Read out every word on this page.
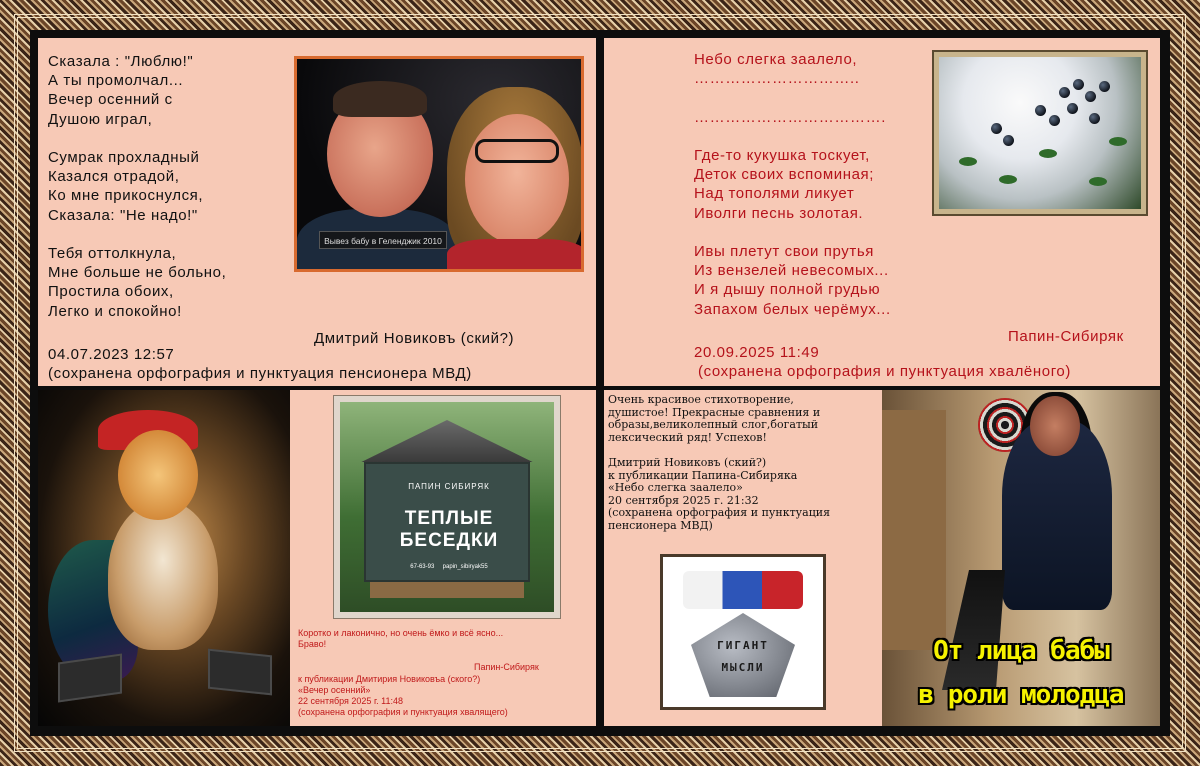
Сказала : "Люблю!"
А ты промолчал...
Вечер осенний с
Душою играл,

Сумрак прохладный
Казался отрадой,
Ко мне прикоснулся,
Сказала: "Не надо!"

Тебя оттолкнула,
Мне больше не больно,
Простила обоих,
Легко и спокойно!
Дмитрий Новиковъ (ский?)
04.07.2023 12:57
(сохранена орфография и пунктуация пенсионера МВД)
Вывез бабу в Геленджик 2010
Небо слегка заалело,
…………………………..

……………………………….

Где-то кукушка тоскует,
Деток своих вспоминая;
Над тополями ликует
Иволги песнь золотая.

Ивы плетут свои прутья
Из вензелей невесомых...
И я дышу полной грудью
Запахом белых черёмух...
Папин-Сибиряк
20.09.2025 11:49
(сохранена орфография и пунктуация хвалёного)
ПАПИН СИБИРЯК
ТЕПЛЫЕ
БЕСЕДКИ
67-63-93     papin_sibiryak55
Коротко и лаконично, но очень ёмко и всё ясно...
Браво!
Папин-Сибиряк
к публикации Дмитирия Новиковъа (ского?)
«Вечер осенний»
22 сентября 2025 г. 11:48
(сохранена орфография и пунктуация хвалящего)
Очень красивое стихотворение,
душистое! Прекрасные сравнения и
образы,великолепный слог,богатый
лексический ряд! Успехов!

Дмитрий Новиковъ (ский?)
к публикации Папина-Сибиряка
«Небо слегка заалело»
20 сентября 2025 г. 21:32
(сохранена орфография и пунктуация
пенсионера МВД)
ГИГАНТ
МЫСЛИ
От лица бабы
в роли молодца
